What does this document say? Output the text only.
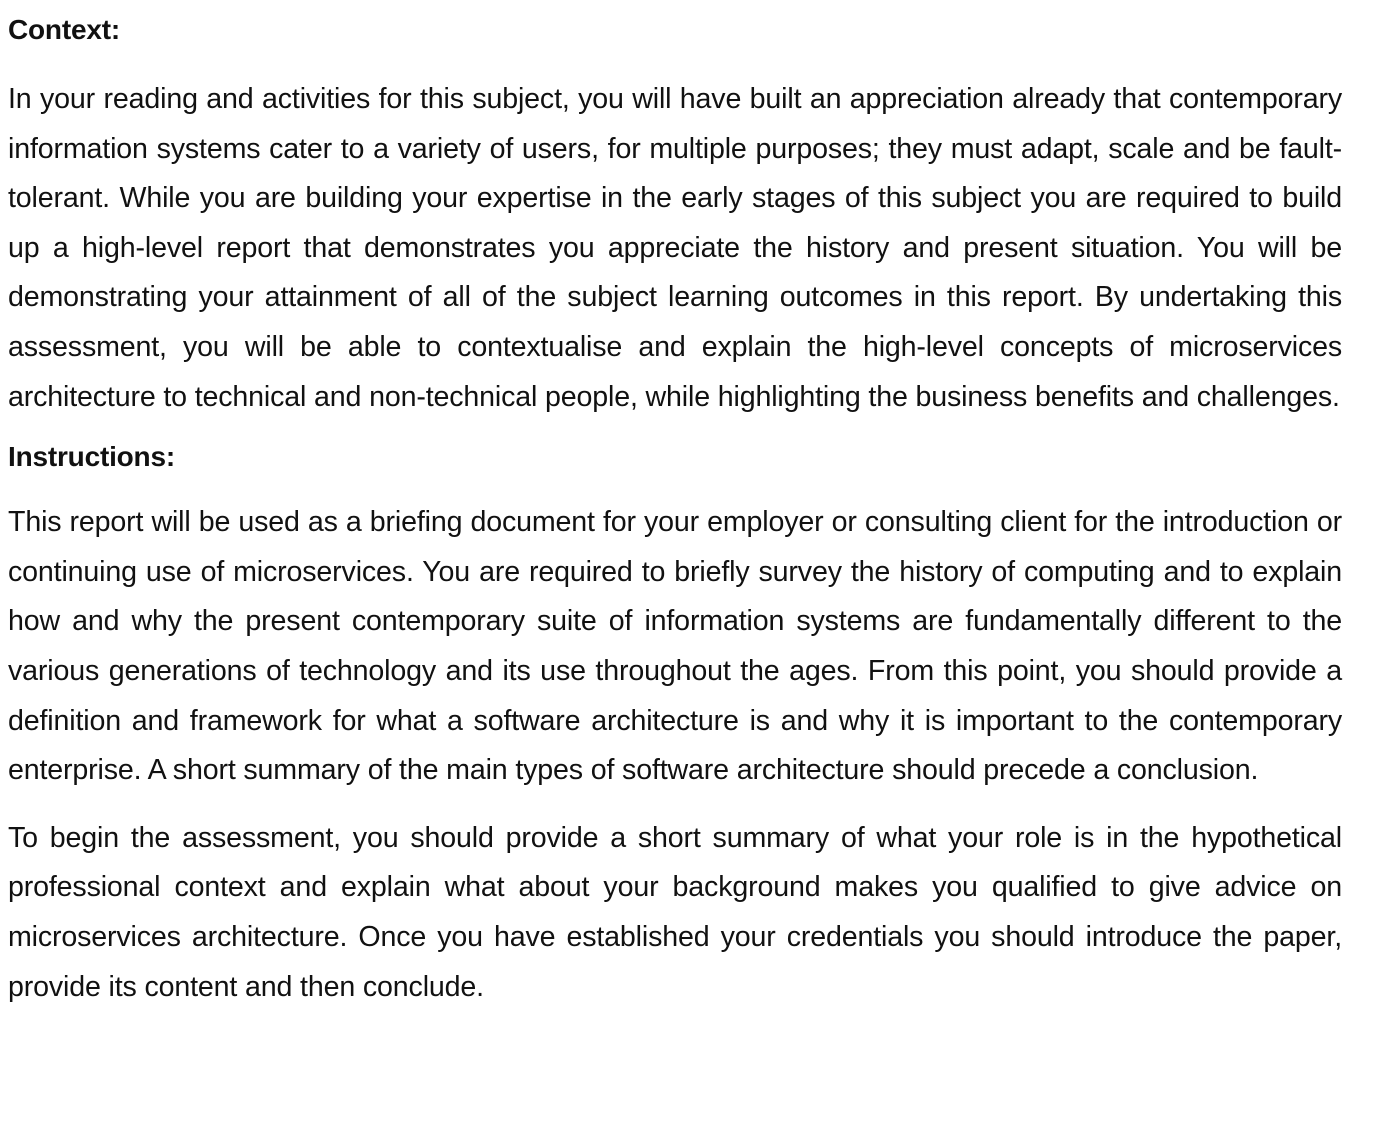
Context:

In your reading and activities for this subject, you will have built an appreciation already that contemporary information systems cater to a variety of users, for multiple purposes; they must adapt, scale and be fault-tolerant. While you are building your expertise in the early stages of this subject you are required to build up a high-level report that demonstrates you appreciate the history and present situation. You will be demonstrating your attainment of all of the subject learning outcomes in this report. By undertaking this assessment, you will be able to contextualise and explain the high-level concepts of microservices architecture to technical and non-technical people, while highlighting the business benefits and challenges.

Instructions:

This report will be used as a briefing document for your employer or consulting client for the introduction or continuing use of microservices. You are required to briefly survey the history of computing and to explain how and why the present contemporary suite of information systems are fundamentally different to the various generations of technology and its use throughout the ages. From this point, you should provide a definition and framework for what a software architecture is and why it is important to the contemporary enterprise. A short summary of the main types of software architecture should precede a conclusion.

To begin the assessment, you should provide a short summary of what your role is in the hypothetical professional context and explain what about your background makes you qualified to give advice on microservices architecture. Once you have established your credentials you should introduce the paper, provide its content and then conclude.
